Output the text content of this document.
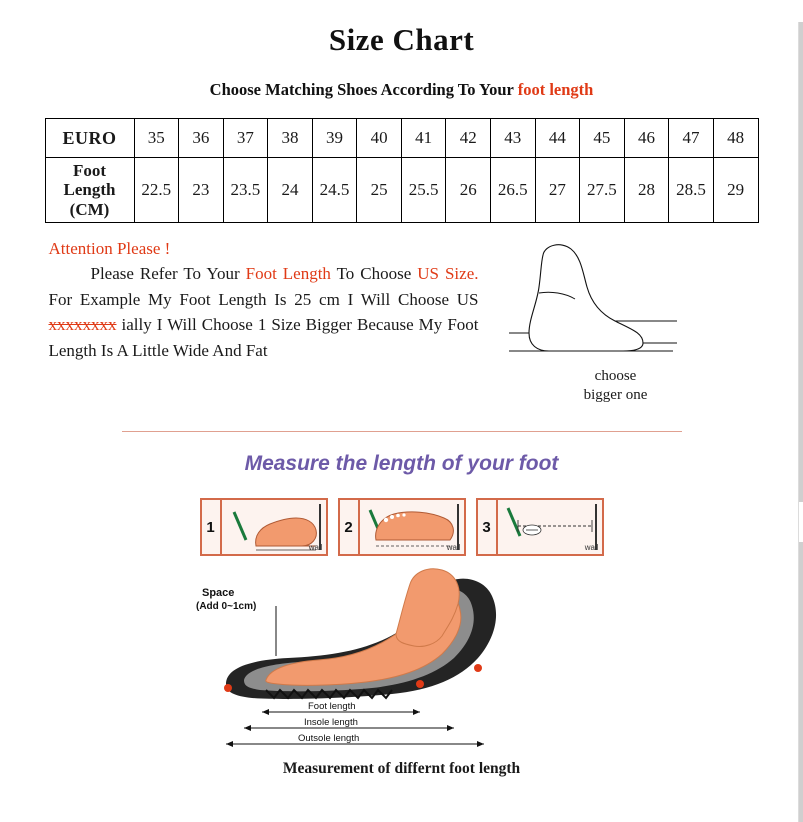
Size Chart
Choose Matching Shoes According To Your foot length
EURO	35	36	37	38	39	40	41	42	43	44	45	46	47	48

Foot
Length
(CM)	22.5	23	23.5	24	24.5	25	25.5	26	26.5	27	27.5	28	28.5	29
Attention Please !
Please Refer To Your Foot Length To Choose US Size. For Example My Foot Length Is 25 cm I Will Choose US xxxxxxxx ially I Will Choose 1 Size Bigger Because My Foot Length Is A Little Wide And Fat
choose
bigger one
Measure the length of your foot
1
wall
2
wall
3
wall
Space
(Add 0~1cm)
Foot length
Insole length
Outsole length
Measurement of differnt foot length
